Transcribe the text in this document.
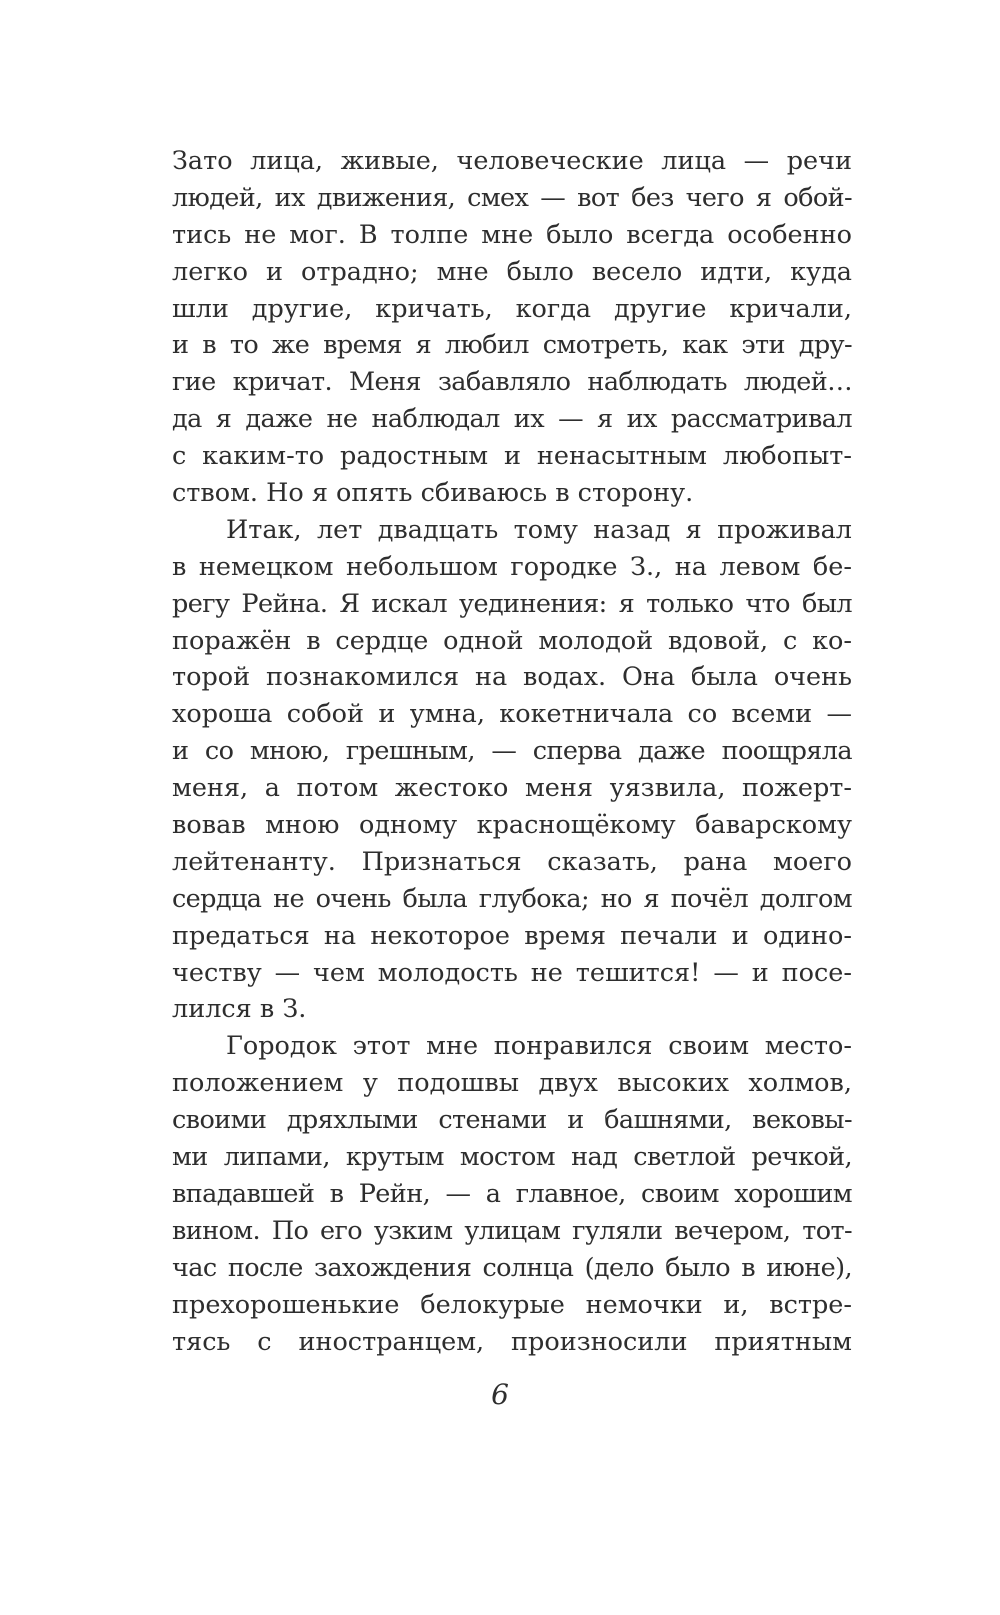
Зато лица, живые, человеческие лица — речи
людей, их движения, смех — вот без чего я обой-
тись не мог. В толпе мне было всегда особенно
легко и отрадно; мне было весело идти, куда
шли другие, кричать, когда другие кричали,
и в то же время я любил смотреть, как эти дру-
гие кричат. Меня забавляло наблюдать людей…
да я даже не наблюдал их — я их рассматривал
с каким-то радостным и ненасытным любопыт-
ством. Но я опять сбиваюсь в сторону.
Итак, лет двадцать тому назад я проживал
в немецком небольшом городке З., на левом бе-
регу Рейна. Я искал уединения: я только что был
поражён в сердце одной молодой вдовой, с ко-
торой познакомился на водах. Она была очень
хороша собой и умна, кокетничала со всеми —
и со мною, грешным, — сперва даже поощряла
меня, а потом жестоко меня уязвила, пожерт-
вовав мною одному краснощёкому баварскому
лейтенанту. Признаться сказать, рана моего
сердца не очень была глубока; но я почёл долгом
предаться на некоторое время печали и одино-
честву — чем молодость не тешится! — и посе-
лился в З.
Городок этот мне понравился своим место-
положением у подошвы двух высоких холмов,
своими дряхлыми стенами и башнями, вековы-
ми липами, крутым мостом над светлой речкой,
впадавшей в Рейн, — а главное, своим хорошим
вином. По его узким улицам гуляли вечером, тот-
час после захождения солнца (дело было в июне),
прехорошенькие белокурые немочки и, встре-
тясь с иностранцем, произносили приятным
6
